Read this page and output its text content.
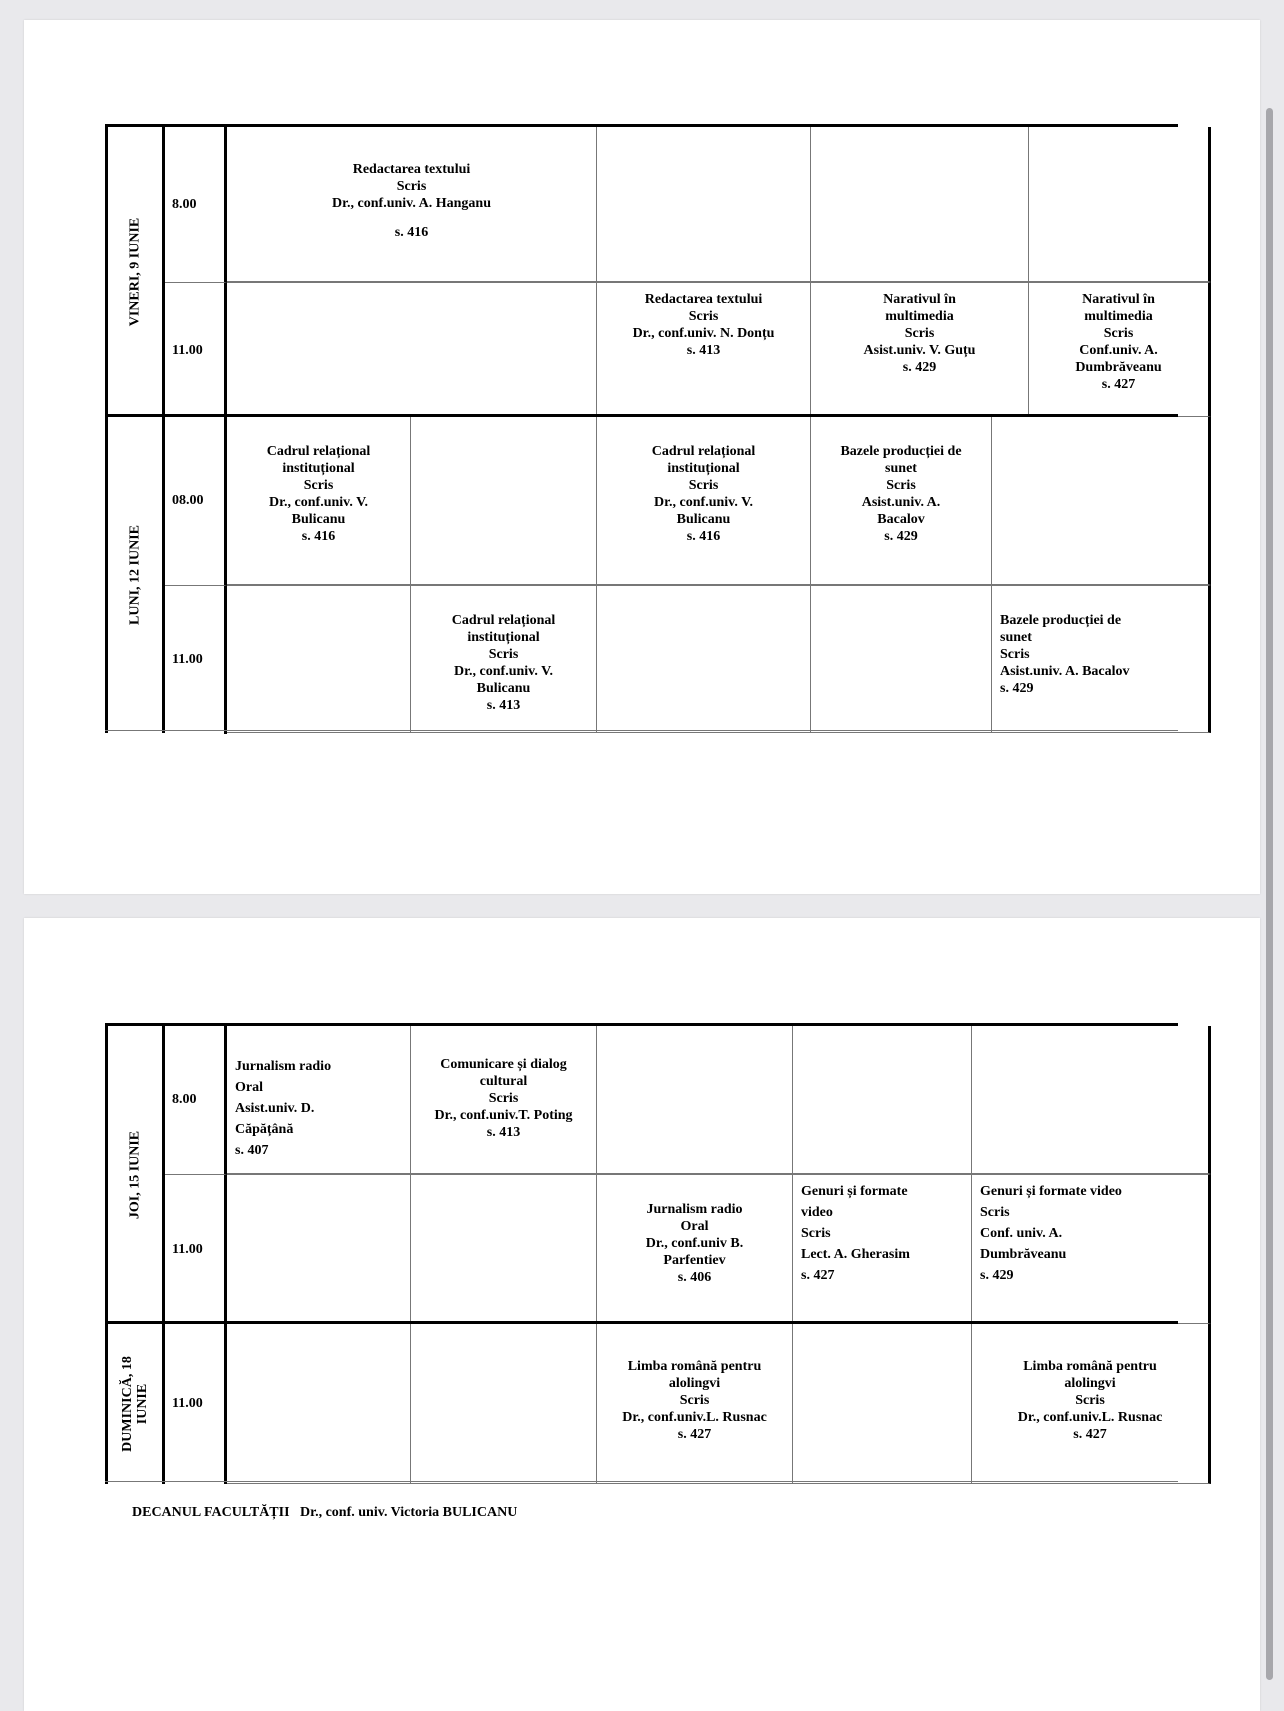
DECANUL FACULTĂȚII Dr., conf. univ. Victoria BULICANU
VINERI, 9 IUNIE
8.00
Redactarea textului
Scris
Dr., conf.univ. A. Hanganu
s. 416
11.00
Redactarea textului
Scris
Dr., conf.univ. N. Donțu
s. 413
Narativul în
multimedia
Scris
Asist.univ. V. Guțu
s. 429
Narativul în
multimedia
Scris
Conf.univ. A.
Dumbrăveanu
s. 427
LUNI, 12 IUNIE
08.00
Cadrul relațional
instituțional
Scris
Dr., conf.univ. V.
Bulicanu
s. 416
Cadrul relațional
instituțional
Scris
Dr., conf.univ. V.
Bulicanu
s. 416
Bazele producției de
sunet
Scris
Asist.univ. A.
Bacalov
s. 429
11.00
Cadrul relațional
instituțional
Scris
Dr., conf.univ. V.
Bulicanu
s. 413
Bazele producției de
sunet
Scris
Asist.univ. A. Bacalov
s. 429
JOI, 15 IUNIE
8.00
Jurnalism radio
Oral
Asist.univ. D.
Căpățână
s. 407
Comunicare și dialog
cultural
Scris
Dr., conf.univ.T. Poting
s. 413
11.00
Jurnalism radio
Oral
Dr., conf.univ B.
Parfentiev
s. 406
Genuri și formate
video
Scris
Lect. A. Gherasim
s. 427
Genuri și formate video
Scris
Conf. univ. A.
Dumbrăveanu
s. 429
DUMINICĂ, 18 IUNIE 11.00
Limba română pentru
alolingvi
Scris
Dr., conf.univ.L. Rusnac
s. 427
Limba română pentru
alolingvi
Scris
Dr., conf.univ.L. Rusnac
s. 427
